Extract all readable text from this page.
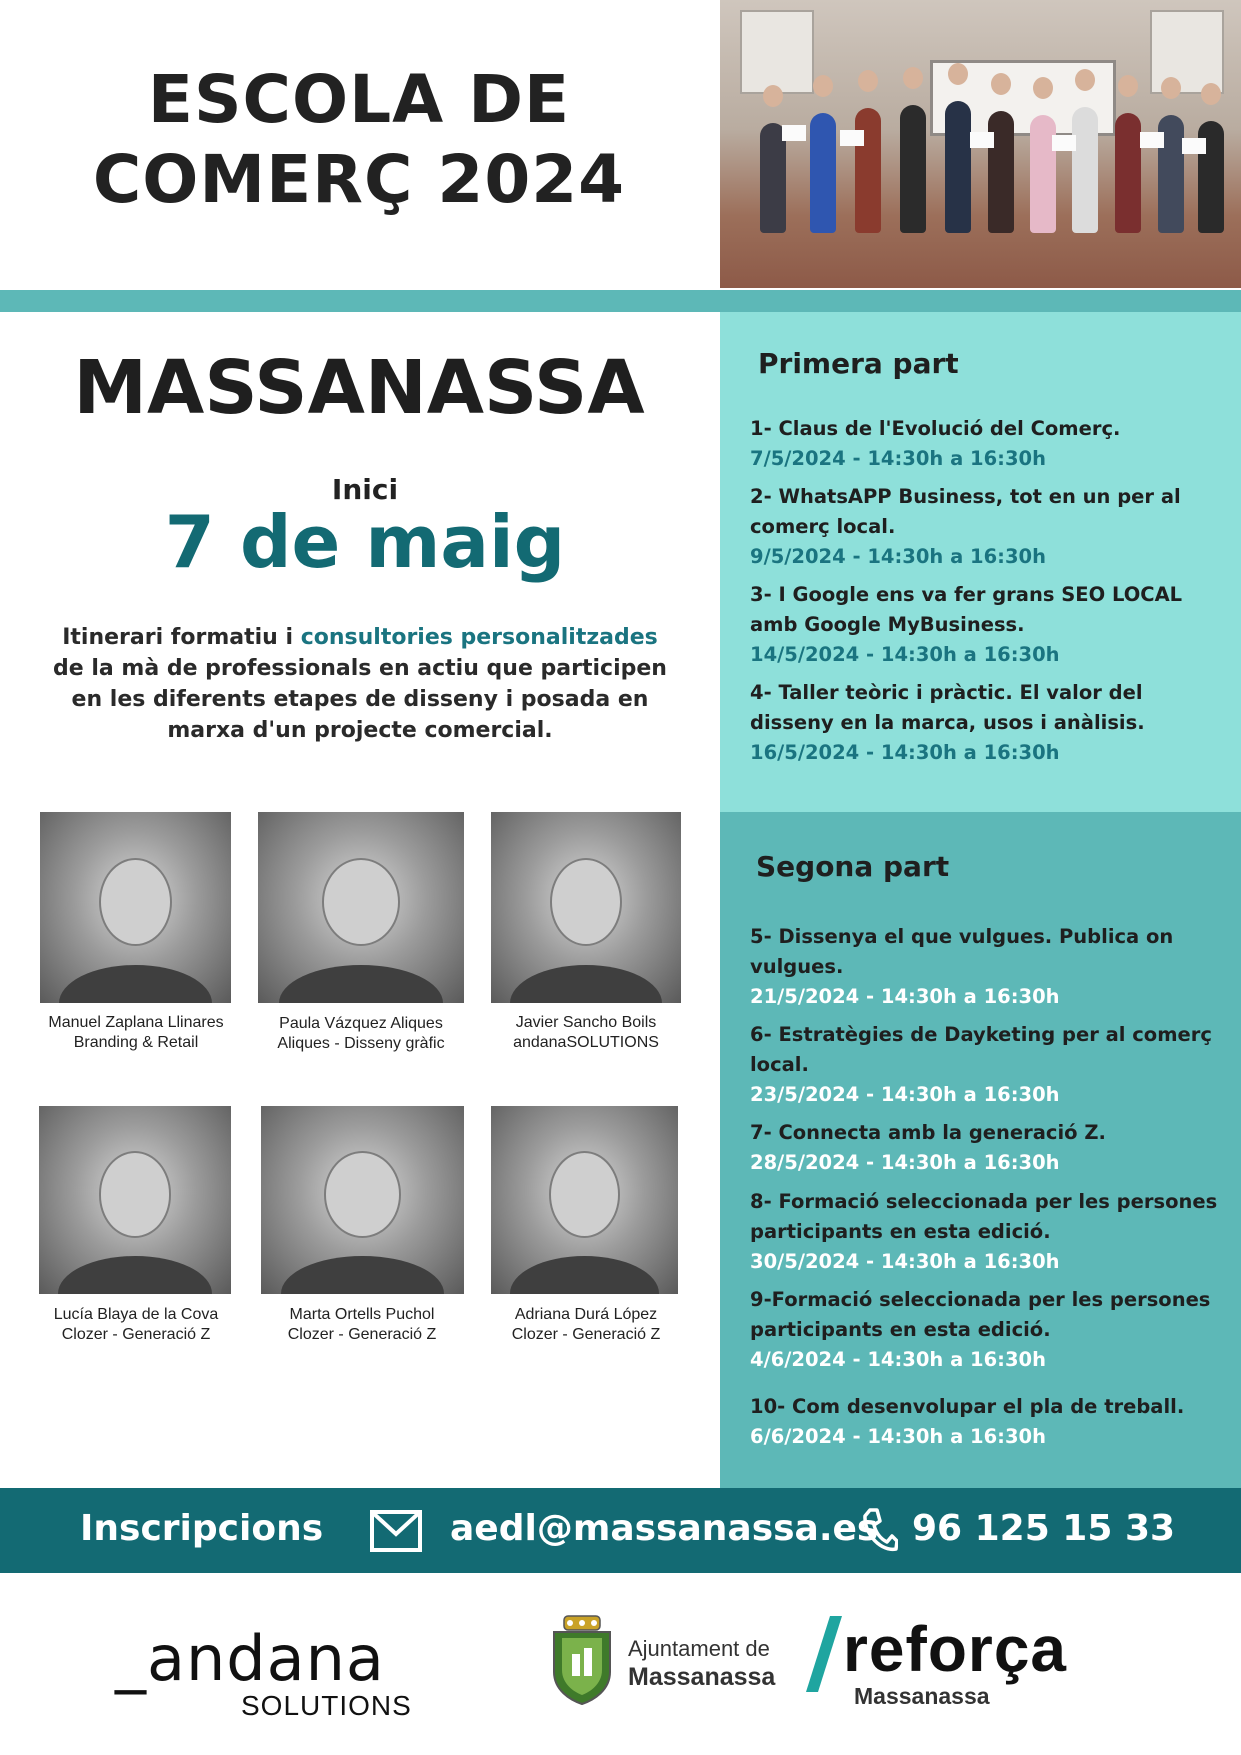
ESCOLA DE
COMERÇ 2024
MASSANASSA
Inici
7 de maig
Itinerari formatiu i consultories personalitzades de la mà de professionals en actiu que participen en les diferents etapes de disseny i posada en marxa d'un projecte comercial.
Manuel Zaplana Llinares
Branding & Retail
Paula Vázquez Aliques
Aliques - Disseny gràfic
Javier Sancho Boils
andanaSOLUTIONS
Lucía Blaya de la Cova
Clozer - Generació Z
Marta Ortells Puchol
Clozer - Generació Z
Adriana Durá López
Clozer - Generació Z
Primera part
1- Claus de l'Evolució del Comerç.
7/5/2024 - 14:30h a 16:30h
2- WhatsAPP Business, tot en un per al comerç local.
9/5/2024 - 14:30h a 16:30h
3- I Google ens va fer grans SEO LOCAL amb Google MyBusiness.
14/5/2024 - 14:30h a 16:30h
4- Taller teòric i pràctic. El valor del disseny en la marca, usos i anàlisis.
16/5/2024 - 14:30h a 16:30h
Segona part
5- Dissenya el que vulgues. Publica on vulgues.
21/5/2024 - 14:30h a 16:30h
6- Estratègies de Dayketing per al comerç local.
23/5/2024 - 14:30h a 16:30h
7- Connecta amb la generació Z.
28/5/2024 - 14:30h a 16:30h
8- Formació seleccionada per les persones participants en esta edició.
30/5/2024 - 14:30h a 16:30h
9-Formació seleccionada per les persones participants en esta edició.
4/6/2024 - 14:30h a 16:30h
10- Com desenvolupar el pla de treball.
6/6/2024 - 14:30h a 16:30h
Inscripcions	aedl@massanassa.es 96 125 15 33
_andana
SOLUTIONS
Ajuntament de
Massanassa reforça
Massanassa
